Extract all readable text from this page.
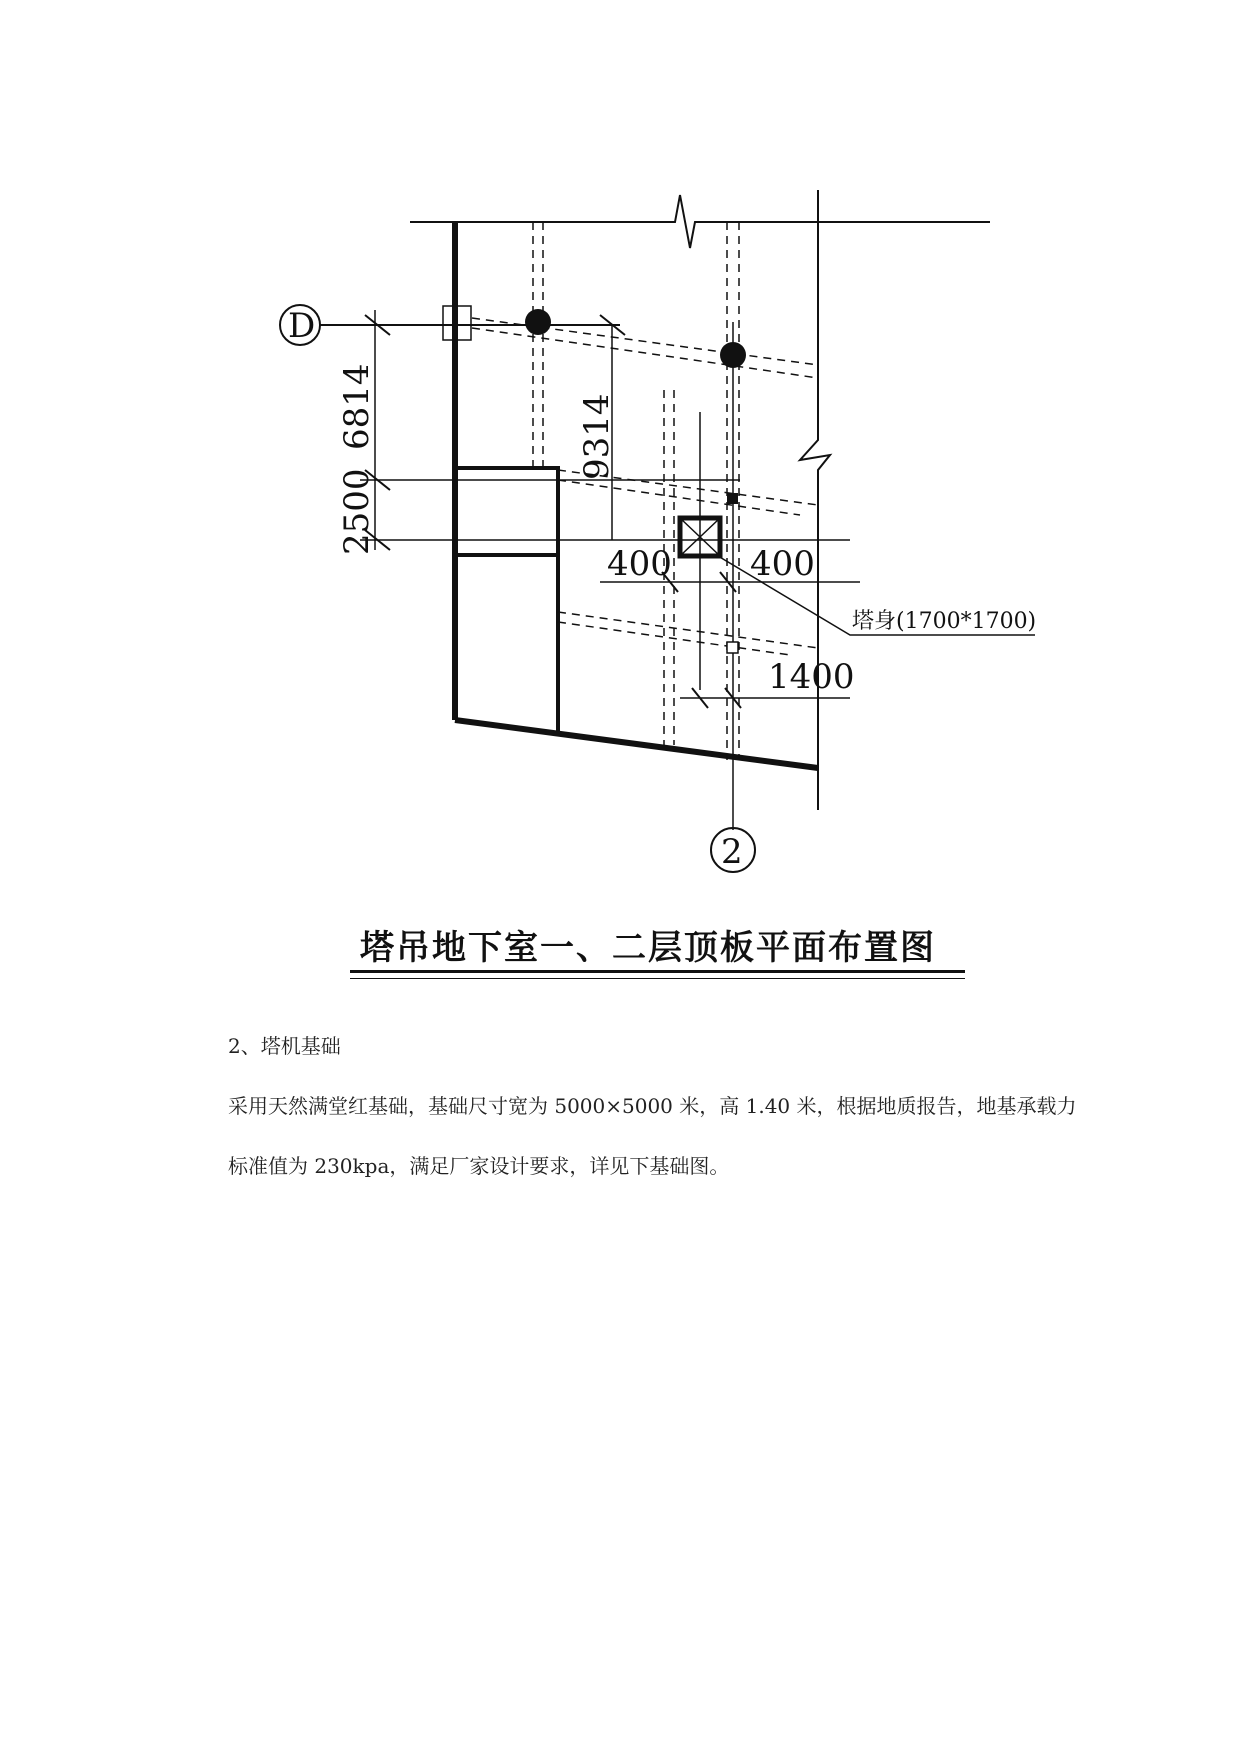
D
2
6814
2500
9314
400 400
1400
塔身(1700*1700)
塔吊地下室一、二层顶板平面布置图
2、塔机基础
采用天然满堂红基础，基础尺寸宽为 5000×5000 米，高 1.40 米，根据地质报告，地基承载力
标准值为 230kpa，满足厂家设计要求，详见下基础图。
